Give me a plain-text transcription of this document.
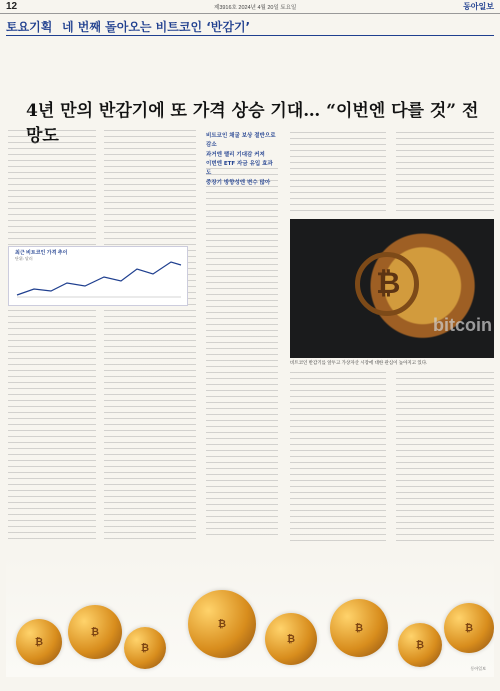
12	제3916호 2024년 4월 20일 토요일	동아일보
토요기획 네 번째 돌아오는 비트코인 ‘반감기’
4년 만의 반감기에 또 가격 상승 기대… “이번엔 다를 것” 전망도	비트코인 채굴 보상 절반으로 감소
과거엔 랠리 기대감 커져
이번엔 ETF 자금 유입 효과도
중장기 방향성엔 변수 많아
최근 비트코인 가격 추이
단위: 달러
₿
bitcoin
비트코인 반감기를 앞두고 가상자산 시장에 대한 관심이 높아지고 있다.
₿
₿
₿
₿
₿
₿
₿
₿
동아일보
